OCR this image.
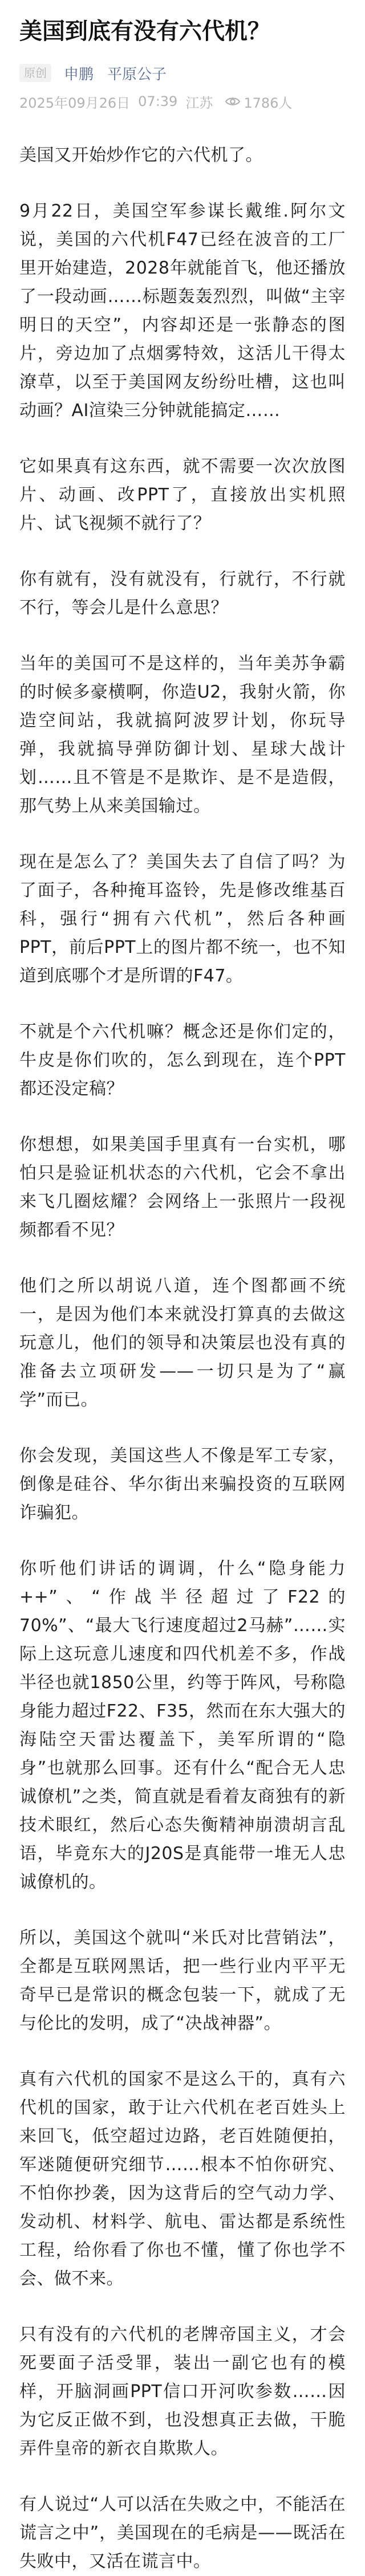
美国到底有没有六代机？
原创	申鹏 平原公子
2025年09月26日 07:39 江苏 1786人

美国又开始炒作它的六代机了。

9月22日，美国空军参谋长戴维.阿尔文说，美国的六代机F47已经在波音的工厂里开始建造，2028年就能首飞，他还播放了一段动画……标题轰轰烈烈，叫做“主宰明日的天空”，内容却还是一张静态的图片，旁边加了点烟雾特效，这活儿干得太潦草，以至于美国网友纷纷吐槽，这也叫动画？AI渲染三分钟就能搞定……

它如果真有这东西，就不需要一次次放图片、动画、改PPT了，直接放出实机照片、试飞视频不就行了？

你有就有，没有就没有，行就行，不行就不行，等会儿是什么意思？

当年的美国可不是这样的，当年美苏争霸的时候多豪横啊，你造U2，我射火箭，你造空间站，我就搞阿波罗计划，你玩导弹，我就搞导弹防御计划、星球大战计划……且不管是不是欺诈、是不是造假，那气势上从来美国输过。

现在是怎么了？美国失去了自信了吗？为了面子，各种掩耳盗铃，先是修改维基百科，强行“拥有六代机”，然后各种画PPT，前后PPT上的图片都不统一，也不知道到底哪个才是所谓的F47。

不就是个六代机嘛？概念还是你们定的，牛皮是你们吹的，怎么到现在，连个PPT都还没定稿？

你想想，如果美国手里真有一台实机，哪怕只是验证机状态的六代机，它会不拿出来飞几圈炫耀？会网络上一张照片一段视频都看不见？

他们之所以胡说八道，连个图都画不统一，是因为他们本来就没打算真的去做这玩意儿，他们的领导和决策层也没有真的准备去立项研发——一切只是为了“赢学”而已。

你会发现，美国这些人不像是军工专家，倒像是硅谷、华尔街出来骗投资的互联网诈骗犯。

你听他们讲话的调调，什么“隐身能力++”、“作战半径超过了F22的70%”、“最大飞行速度超过2马赫”……实际上这玩意儿速度和四代机差不多，作战半径也就1850公里，约等于阵风，号称隐身能力超过F22、F35，然而在东大强大的海陆空天雷达覆盖下，美军所谓的“隐身”也就那么回事。还有什么“配合无人忠诚僚机”之类，简直就是看着友商独有的新技术眼红，然后心态失衡精神崩溃胡言乱语，毕竟东大的J20S是真能带一堆无人忠诚僚机的。

所以，美国这个就叫“米氏对比营销法”，全都是互联网黑话，把一些行业内平平无奇早已是常识的概念包装一下，就成了无与伦比的发明，成了“决战神器”。

真有六代机的国家不是这么干的，真有六代机的国家，敢于让六代机在老百姓头上来回飞，低空超过边路，老百姓随便拍，军迷随便研究细节……根本不怕你研究、不怕你抄袭，因为这背后的空气动力学、发动机、材料学、航电、雷达都是系统性工程，给你看了你也不懂，懂了你也学不会、做不来。

只有没有的六代机的老牌帝国主义，才会死要面子活受罪，装出一副它也有的模样，开脑洞画PPT信口开河吹参数……因为它反正做不到，也没想真正去做，干脆弄件皇帝的新衣自欺欺人。

有人说过“人可以活在失败之中，不能活在谎言之中”，美国现在的毛病是——既活在失败中，又活在谎言中。
